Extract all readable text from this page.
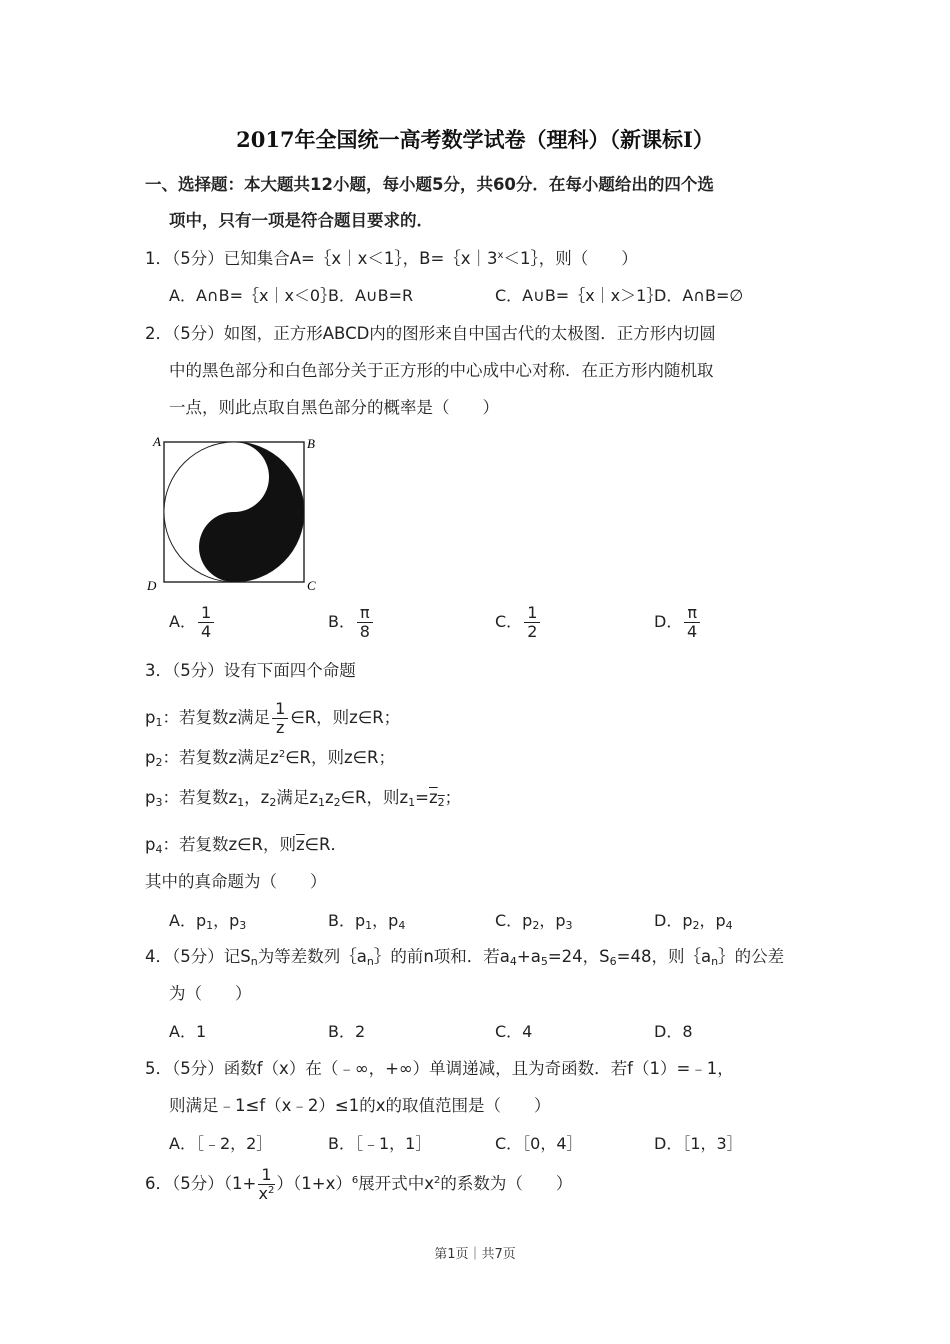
2017年全国统一高考数学试卷（理科）（新课标Ⅰ）
一、选择题：本大题共12小题，每小题5分，共60分．在每小题给出的四个选
项中，只有一项是符合题目要求的．
1．（5分）已知集合A=｛x｜x＜1｝，$B=\{x|3^x<1\}$，则（　　）
A．A∩B=｛x｜x＜0｝
B．A∪B=R	C．A∪B=｛x｜x＞1｝
D．A∩B=∅
2．（5分）如图，正方形ABCD内的图形来自中国古代的太极图．正方形内切圆
中的黑色部分和白色部分关于正方形的中心成中心对称．在正方形内随机取
一点，则此点取自黑色部分的概率是（　　）
A	B
C
D
A． $\frac{1}{4}$	B． $\frac{\pi}{8}$	C． $\frac{1}{2}$	D． $\frac{\pi}{4}$
3．（5分）设有下面四个命题
$p_1$：若复数z满足 $\frac{1}{z}$ ∈R，则z∈R；
$p_2$：若复数z满足$z^2\in R$，则z∈R；
$p_3$：若复数$z_1$，$z_2$满足$z_1z_2\in R$，则$z_1=z_2$；
$p_4$：若复数z∈R，则$\overline{z}\in R$．
其中的真命题为（　　）
A．$p_1$，$p_3$	B．$p_1$，$p_4$	C．$p_2$，$p_3$	D．$p_2$，$p_4$
4．（5分）记$S_n$为等差数列$\{a_n\}$的前n项和．若$a_4+a_5=24$，$S_6=48$，则$\{a_n\}$的公差
为（　　）
A．1	B．2	C．4	D．8
5．（5分）函数f（x）在（﹣∞，+∞）单调递减，且为奇函数．若f（1）=﹣1，
则满足﹣1≤f（x﹣2）≤1的x的取值范围是（　　）
A．［﹣2，2］	B．［﹣1，1］	C．［0，4］	D．［1，3］
6．（5分）$(1+ \frac{1}{x^2} )(1+x)^6$展开式中$x^2$的系数为（　　）
第1页｜共7页
